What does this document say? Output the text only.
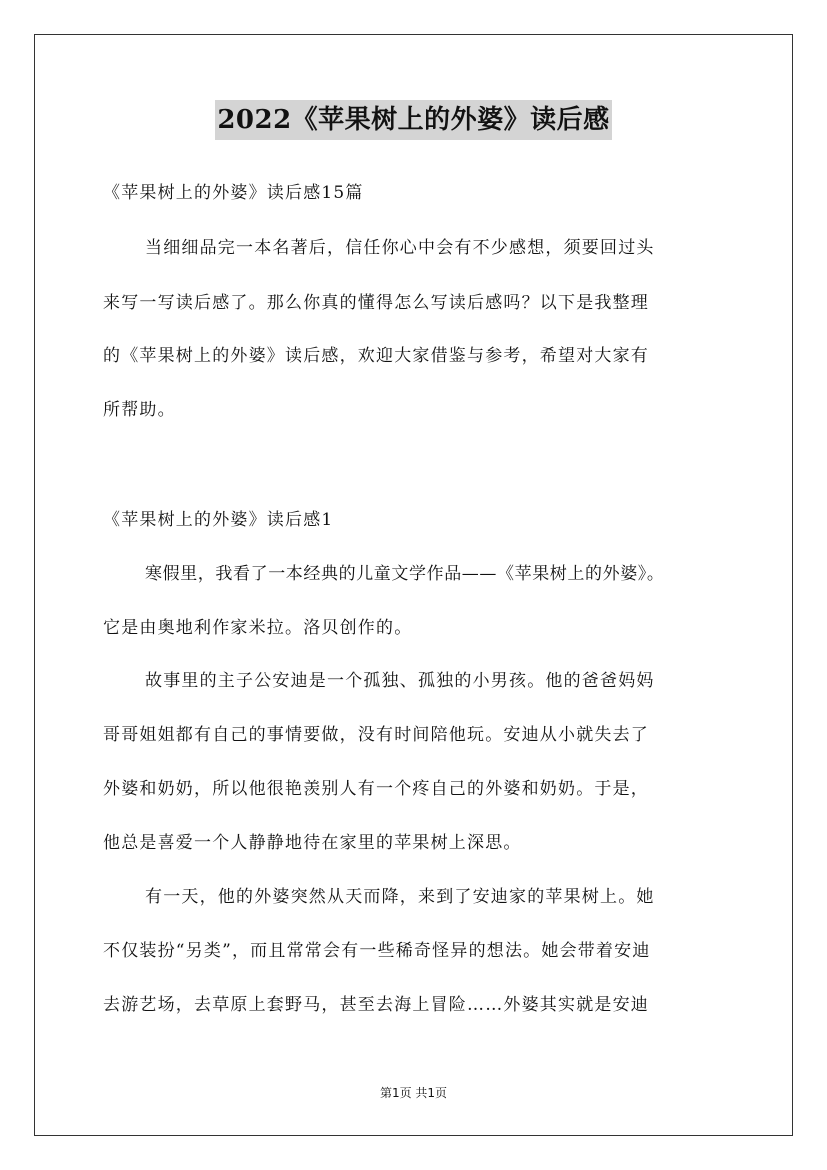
2022《苹果树上的外婆》读后感
《苹果树上的外婆》读后感15篇
当细细品完一本名著后，信任你心中会有不少感想，须要回过头
来写一写读后感了。那么你真的懂得怎么写读后感吗？以下是我整理
的《苹果树上的外婆》读后感，欢迎大家借鉴与参考，希望对大家有
所帮助。
《苹果树上的外婆》读后感1
寒假里，我看了一本经典的儿童文学作品——《苹果树上的外婆》。
它是由奥地利作家米拉。洛贝创作的。
故事里的主子公安迪是一个孤独、孤独的小男孩。他的爸爸妈妈
哥哥姐姐都有自己的事情要做，没有时间陪他玩。安迪从小就失去了
外婆和奶奶，所以他很艳羡别人有一个疼自己的外婆和奶奶。于是，
他总是喜爱一个人静静地待在家里的苹果树上深思。
有一天，他的外婆突然从天而降，来到了安迪家的苹果树上。她
不仅装扮“另类”，而且常常会有一些稀奇怪异的想法。她会带着安迪
去游艺场，去草原上套野马，甚至去海上冒险……外婆其实就是安迪
第1页 共1页
